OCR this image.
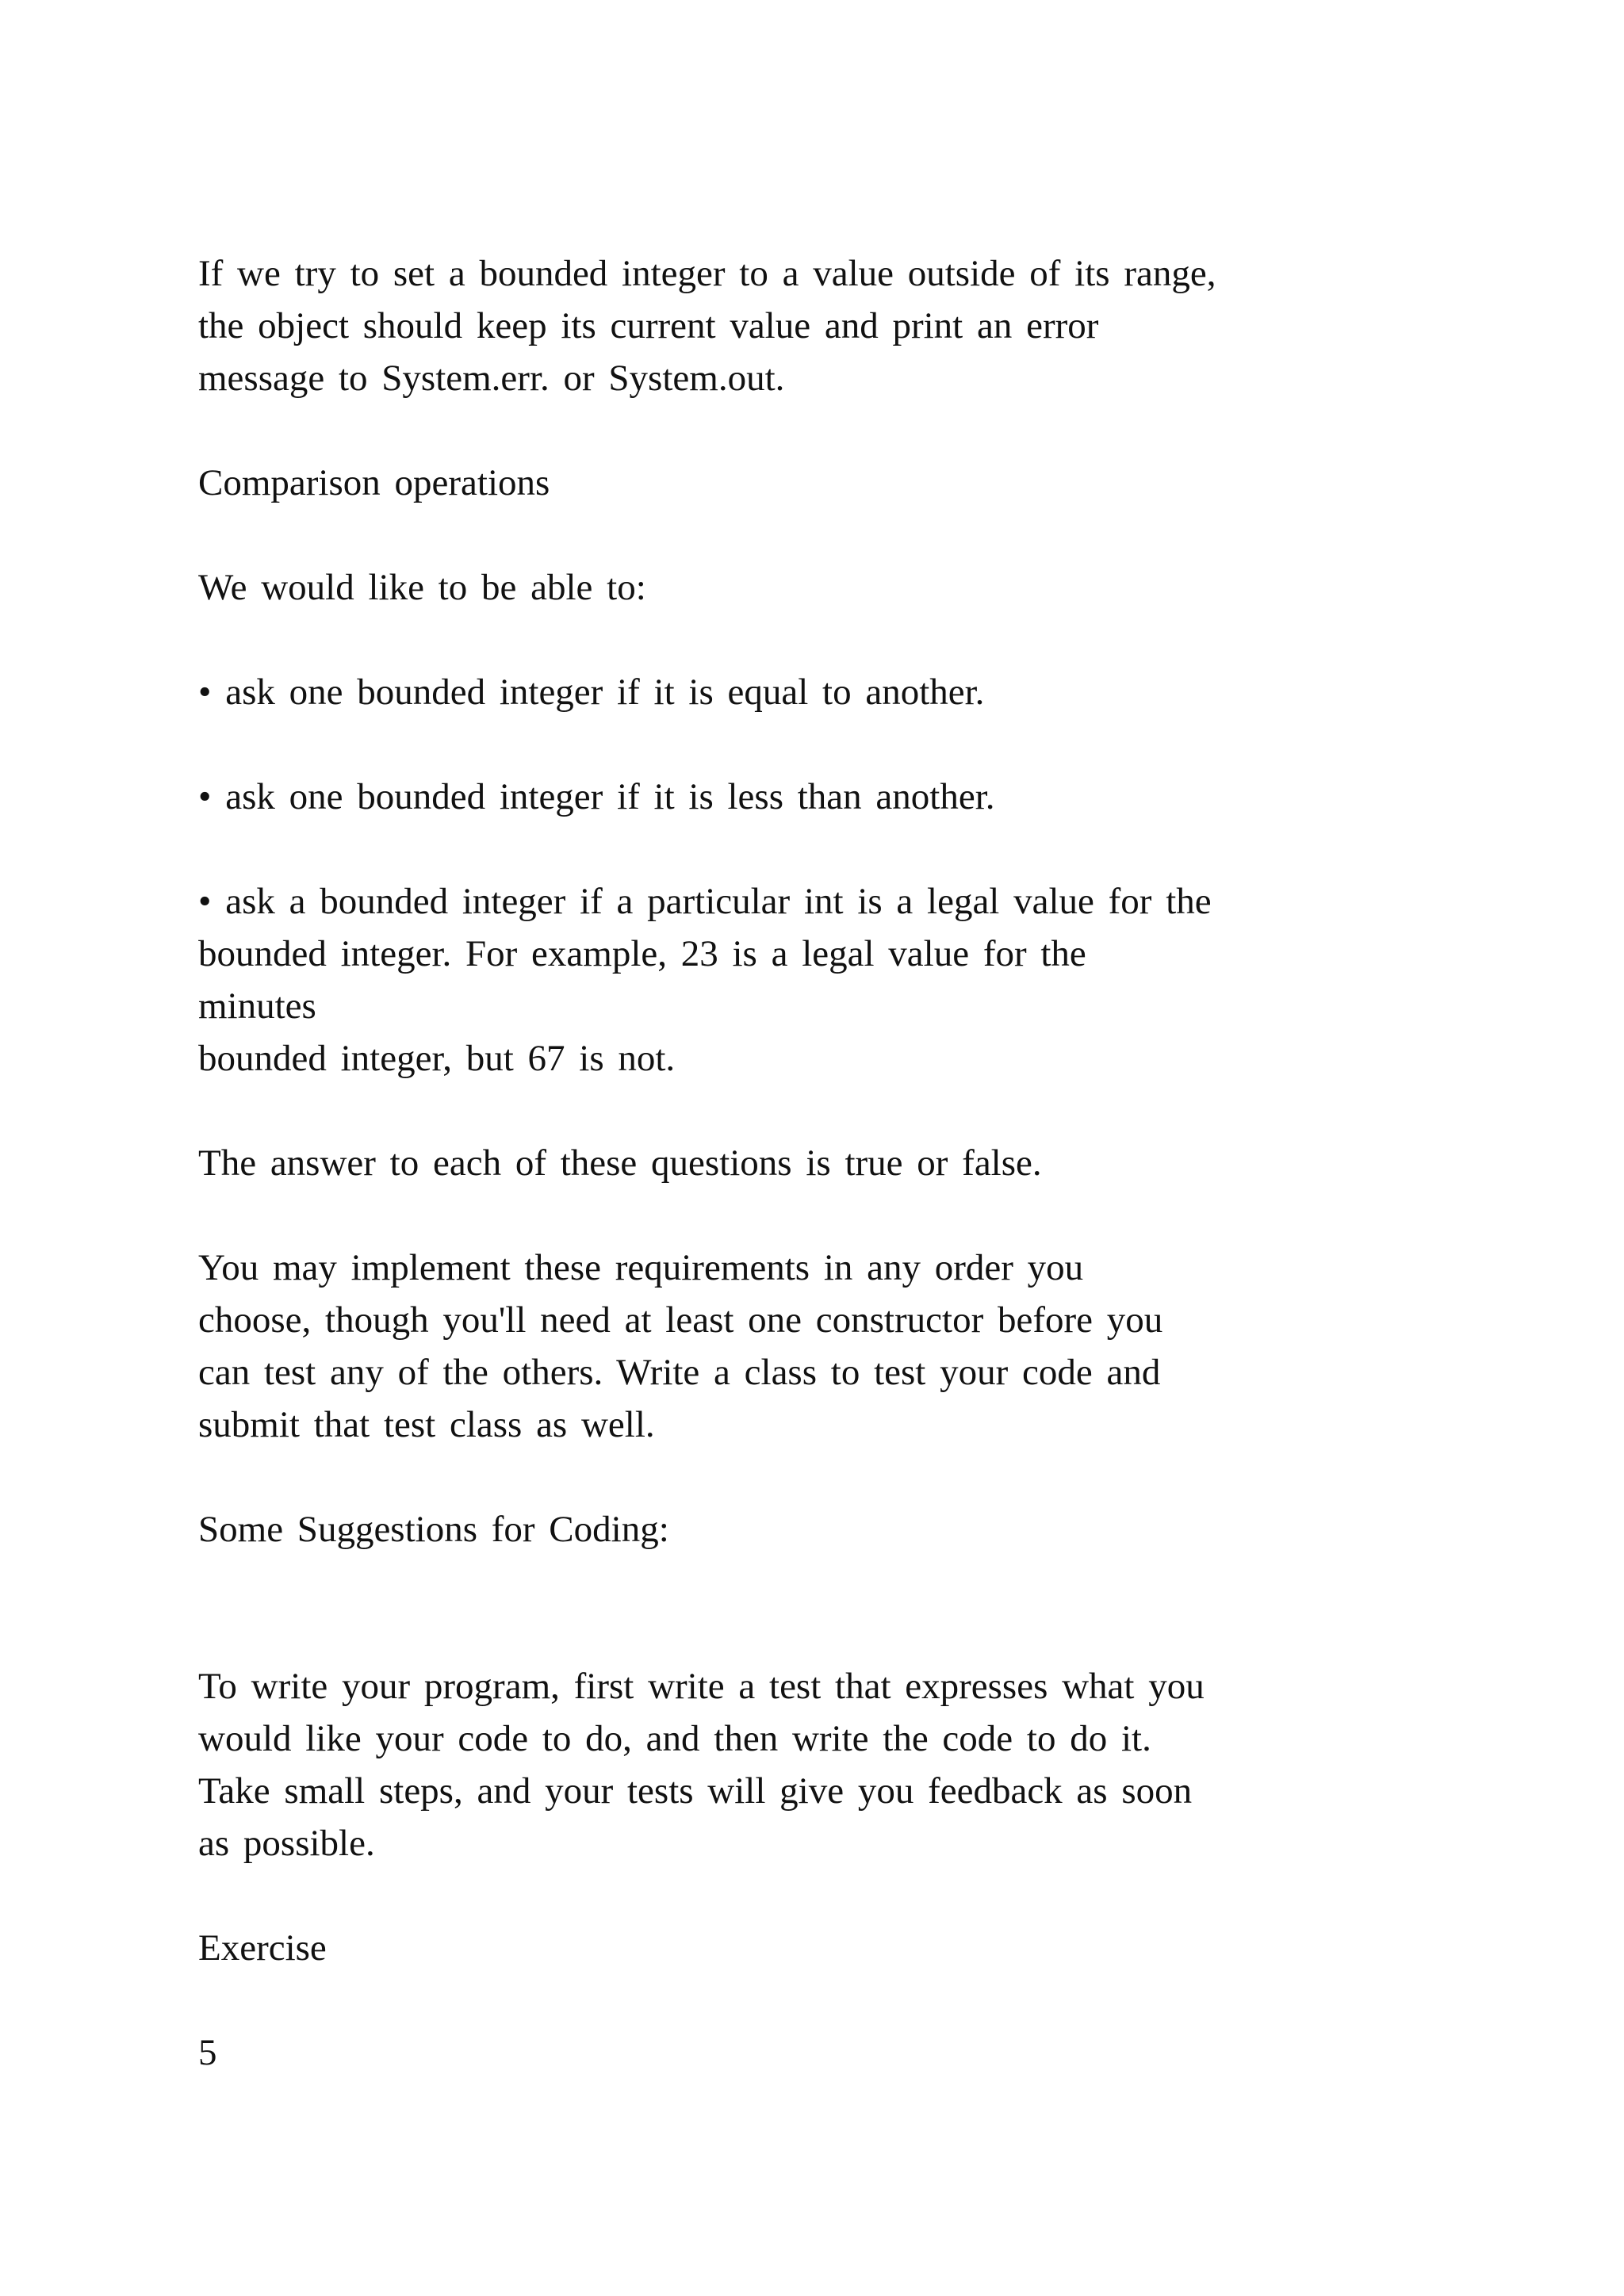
If we try to set a bounded integer to a value outside of its range,
the object should keep its current value and print an error
message to System.err. or System.out.

Comparison operations

We would like to be able to:

• ask one bounded integer if it is equal to another.

• ask one bounded integer if it is less than another.

• ask a bounded integer if a particular int is a legal value for the
bounded integer. For example, 23 is a legal value for the
minutes
bounded integer, but 67 is not.

The answer to each of these questions is true or false.

You may implement these requirements in any order you
choose, though you'll need at least one constructor before you
can test any of the others. Write a class to test your code and
submit that test class as well.

Some Suggestions for Coding:

To write your program, first write a test that expresses what you
would like your code to do, and then write the code to do it.
Take small steps, and your tests will give you feedback as soon
as possible.

Exercise

5
